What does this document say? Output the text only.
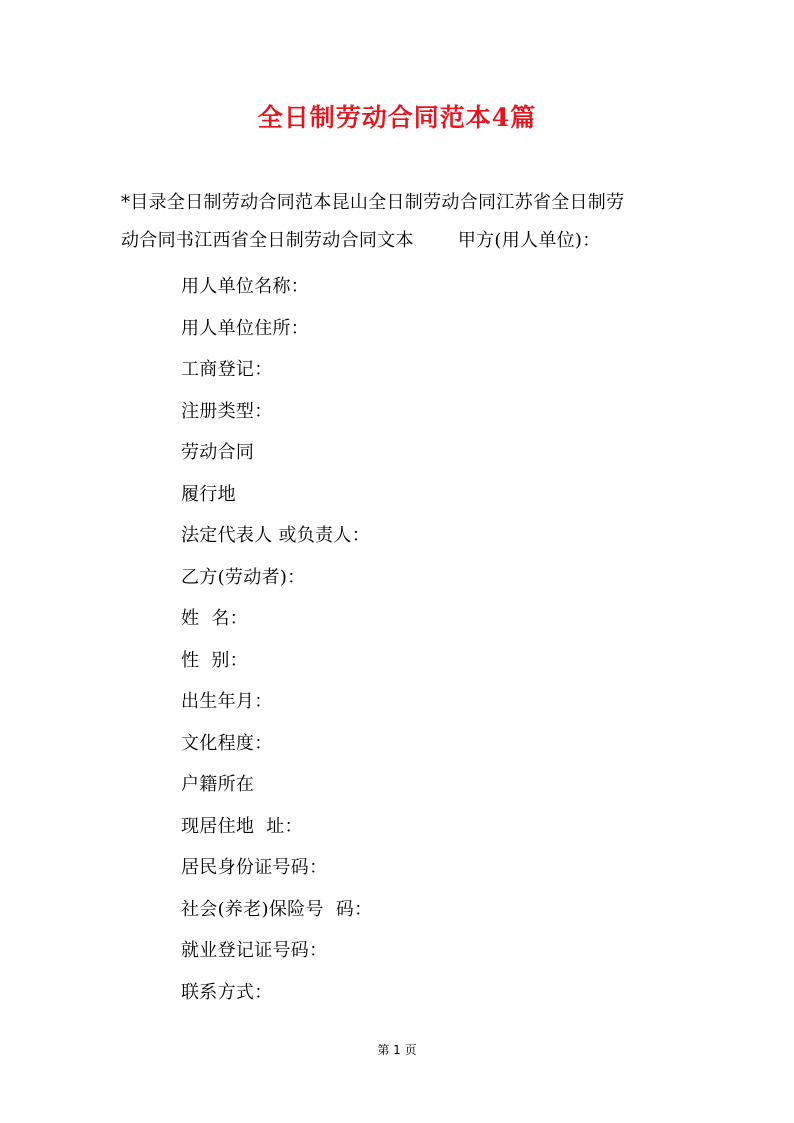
全日制劳动合同范本4篇
*目录全日制劳动合同范本昆山全日制劳动合同江苏省全日制劳
动合同书江西省全日制劳动合同文本 甲方(用人单位)：
用人单位名称：
用人单位住所：
工商登记：
注册类型：
劳动合同
履行地
法定代表人 或负责人：
乙方(劳动者)：
姓  名：
性  别：
出生年月：
文化程度：
户籍所在
现居住地  址：
居民身份证号码：
社会(养老)保险号  码：
就业登记证号码：
联系方式：
第 1 页
